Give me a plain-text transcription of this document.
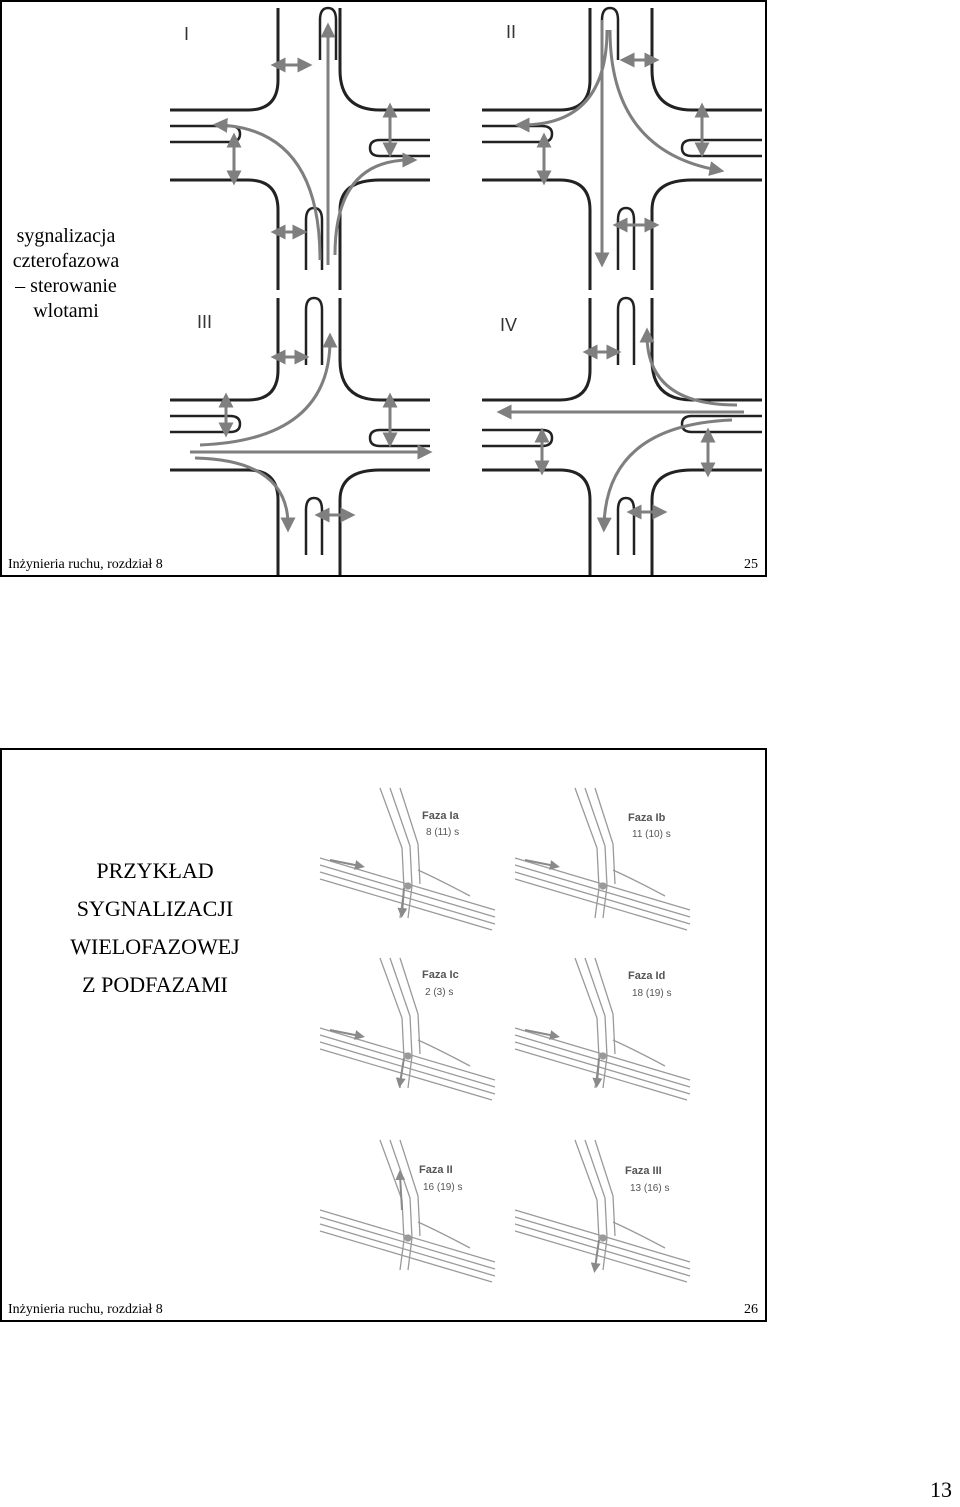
sygnalizacja
czterofazowa
– sterowanie
wlotami
I	II
III	IV
Inżynieria ruchu, rozdział 8	25
PRZYKŁAD
SYGNALIZACJI
WIELOFAZOWEJ
Z PODFAZAMI
Faza Ia
8 (11) s
Faza Ib
11 (10) s
Faza Ic
2 (3) s
Faza Id
18 (19) s
Faza II
16 (19) s
Faza III
13 (16) s
Inżynieria ruchu, rozdział 8	26
13
